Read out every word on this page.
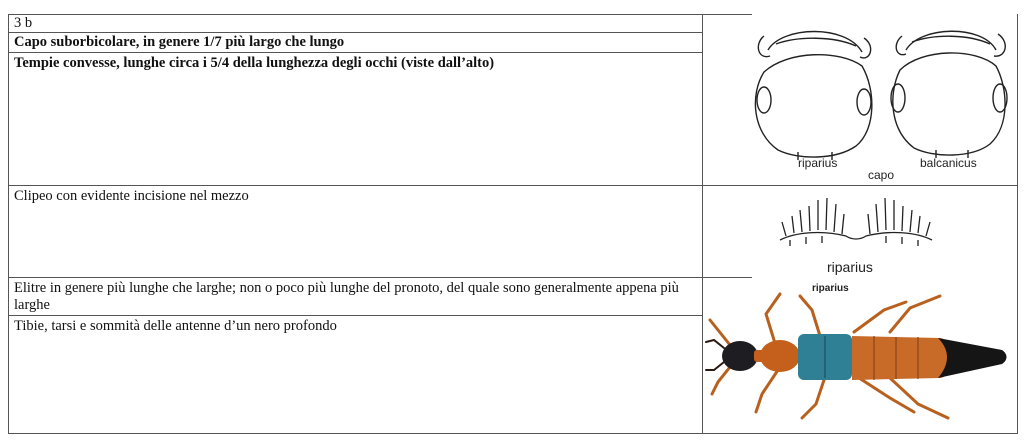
3 b
Capo suborbicolare, in genere 1/7 più largo che lungo
Tempie convesse, lunghe circa i 5/4 della lunghezza degli occhi (viste dall’alto)
Clipeo con evidente incisione nel mezzo
Elitre in genere più lunghe che larghe; non o poco più lunghe del pronoto, del quale sono generalmente appena più larghe
Tibie, tarsi e sommità delle antenne d’un nero profondo
riparius	balcanicus
capo
riparius
riparius
